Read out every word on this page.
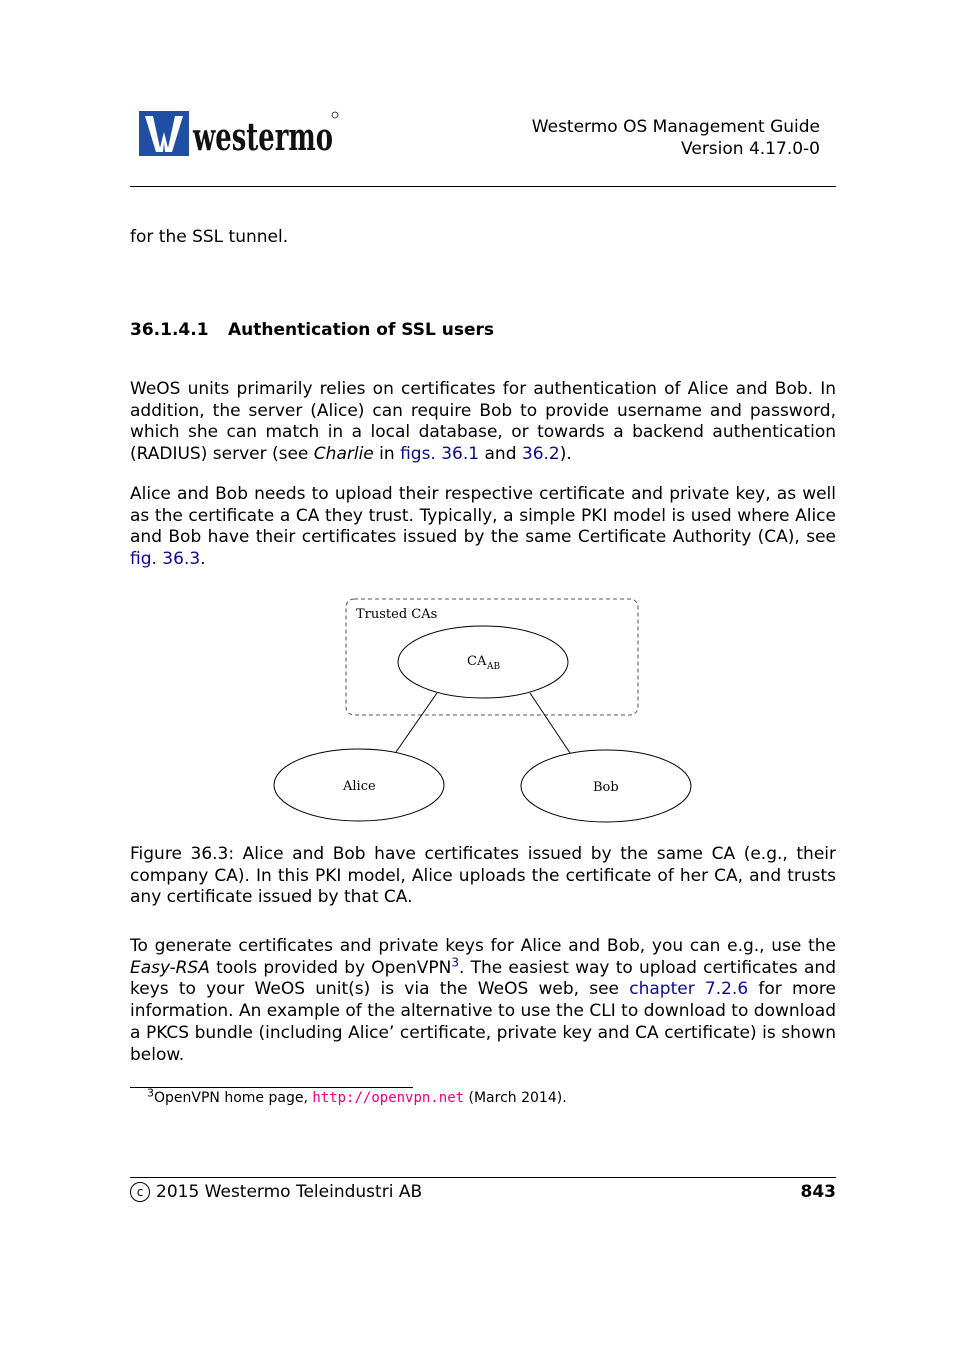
westermo	Westermo OS Management Guide
Version 4.17.0-0
for the SSL tunnel.
36.1.4.1 Authentication of SSL users
WeOS units primarily relies on certificates for authentication of Alice and Bob. In addition, the server (Alice) can require Bob to provide username and password, which she can match in a local database, or towards a backend authentication (RADIUS) server (see Charlie in figs. 36.1 and 36.2).
Alice and Bob needs to upload their respective certificate and private key, as well as the certificate a CA they trust. Typically, a simple PKI model is used where Alice and Bob have their certificates issued by the same Certificate Authority (CA), see fig. 36.3.
Trusted CAs
CA AB
Alice	Bob
Figure 36.3: Alice and Bob have certificates issued by the same CA (e.g., their company CA). In this PKI model, Alice uploads the certificate of her CA, and trusts any certificate issued by that CA.
To generate certificates and private keys for Alice and Bob, you can e.g., use the Easy-RSA tools provided by OpenVPN$^3$. The easiest way to upload certificates and keys to your WeOS unit(s) is via the WeOS web, see chapter 7.2.6 for more information. An example of the alternative to use the CLI to download to download a PKCS bundle (including Alice’ certificate, private key and CA certificate) is shown below.
$^3$OpenVPN home page, http://openvpn.net (March 2014).
c 2015 Westermo Teleindustri AB	843
